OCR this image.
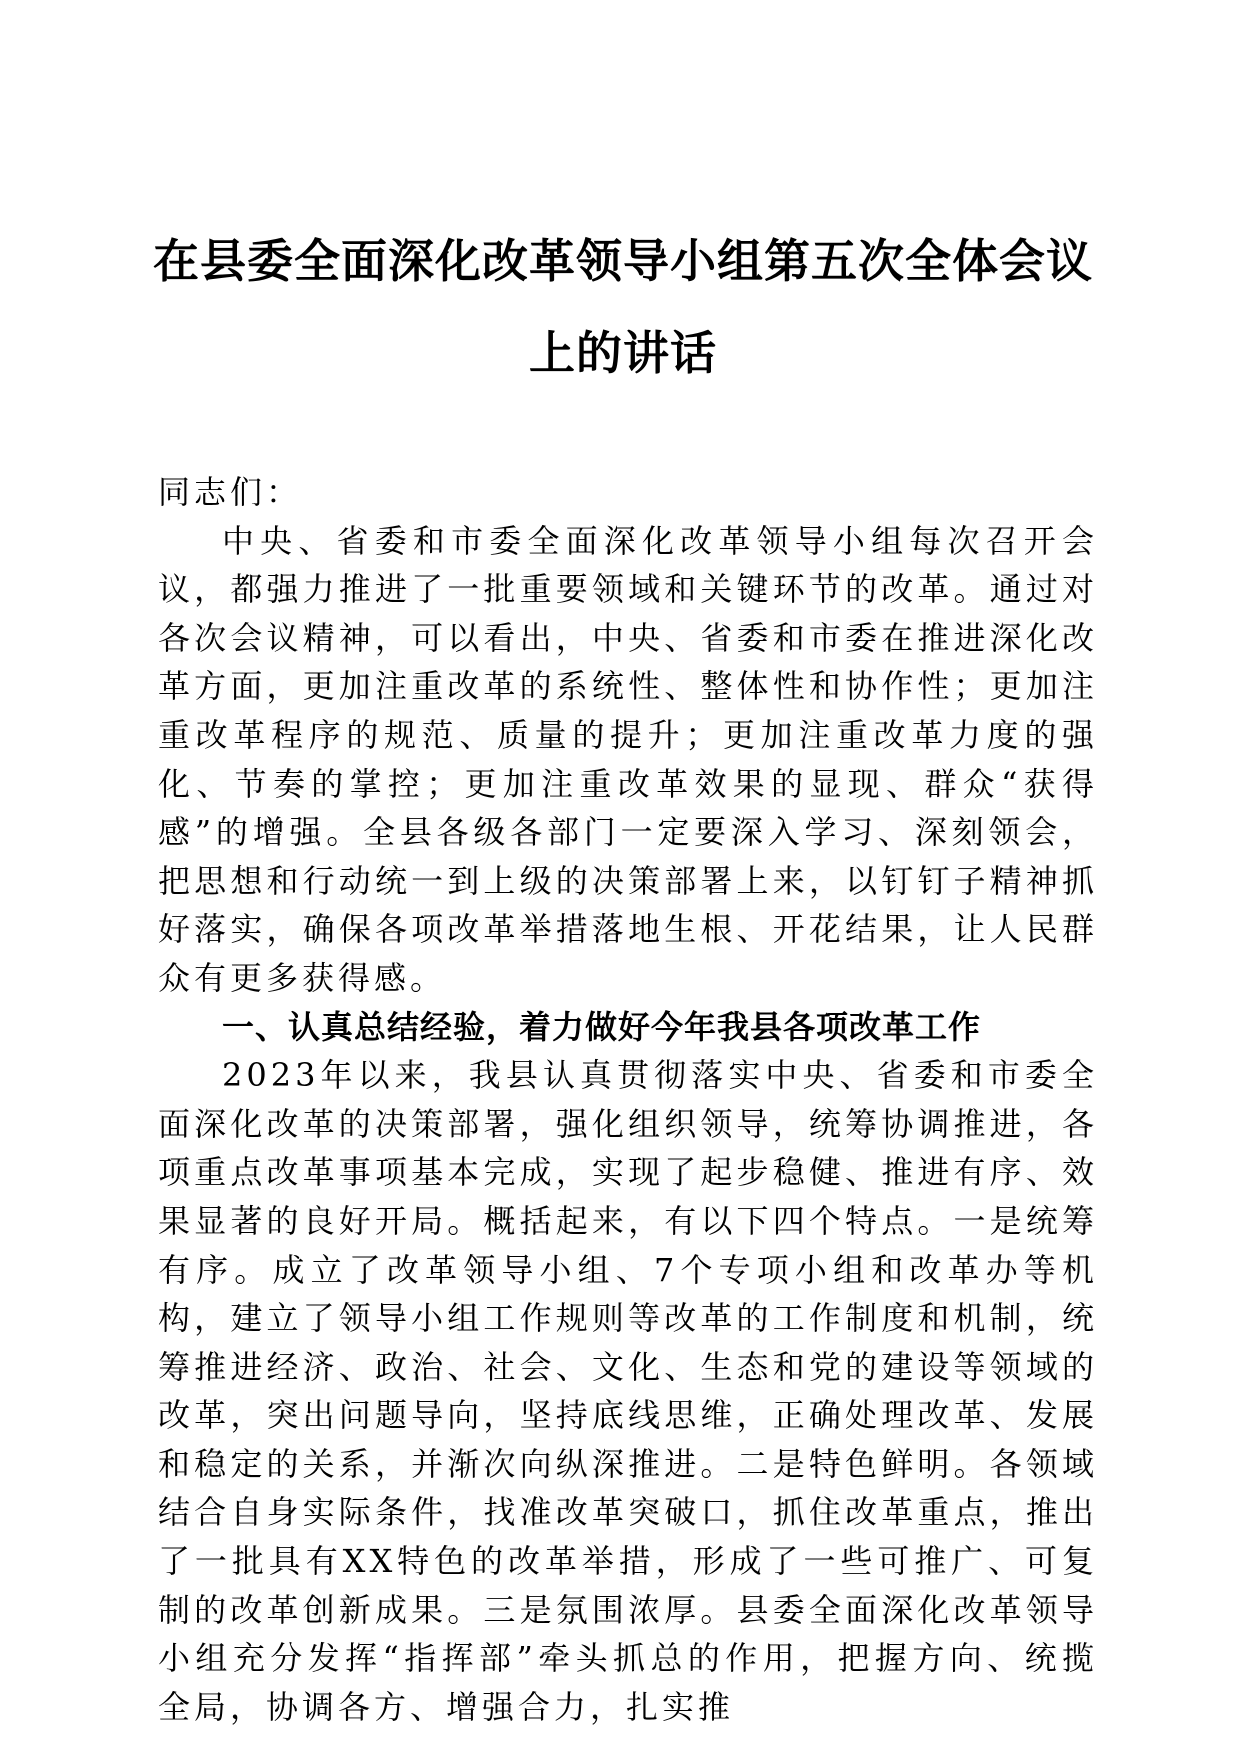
在县委全面深化改革领导小组第五次全体会议
上的讲话

同志们：

中央、省委和市委全面深化改革领导小组每次召开会议，都强力推进了一批重要领域和关键环节的改革。通过对各次会议精神，可以看出，中央、省委和市委在推进深化改革方面，更加注重改革的系统性、整体性和协作性；更加注重改革程序的规范、质量的提升；更加注重改革力度的强化、节奏的掌控；更加注重改革效果的显现、群众“获得感”的增强。全县各级各部门一定要深入学习、深刻领会，把思想和行动统一到上级的决策部署上来，以钉钉子精神抓好落实，确保各项改革举措落地生根、开花结果，让人民群众有更多获得感。

一、认真总结经验，着力做好今年我县各项改革工作

2023年以来，我县认真贯彻落实中央、省委和市委全面深化改革的决策部署，强化组织领导，统筹协调推进，各项重点改革事项基本完成，实现了起步稳健、推进有序、效果显著的良好开局。概括起来，有以下四个特点。一是统筹有序。成立了改革领导小组、7个专项小组和改革办等机构，建立了领导小组工作规则等改革的工作制度和机制，统筹推进经济、政治、社会、文化、生态和党的建设等领域的改革，突出问题导向，坚持底线思维，正确处理改革、发展和稳定的关系，并渐次向纵深推进。二是特色鲜明。各领域结合自身实际条件，找准改革突破口，抓住改革重点，推出了一批具有XX特色的改革举措，形成了一些可推广、可复制的改革创新成果。三是氛围浓厚。县委全面深化改革领导小组充分发挥“指挥部”牵头抓总的作用，把握方向、统揽全局，协调各方、增强合力，扎实推
